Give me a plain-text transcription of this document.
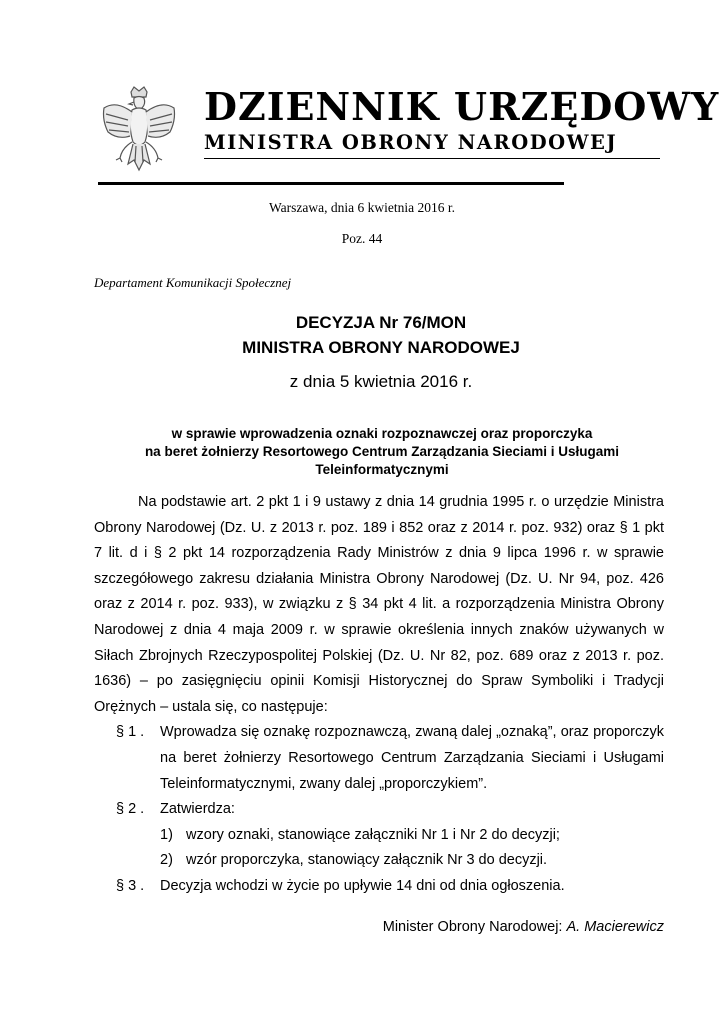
DZIENNIK URZĘDOWY
MINISTRA OBRONY NARODOWEJ
Warszawa, dnia 6 kwietnia 2016 r.
Poz. 44
Departament Komunikacji Społecznej
DECYZJA Nr 76/MON
MINISTRA OBRONY NARODOWEJ
z dnia 5 kwietnia 2016 r.
w sprawie wprowadzenia oznaki rozpoznawczej oraz proporczyka
na beret żołnierzy Resortowego Centrum Zarządzania Sieciami i Usługami
Teleinformatycznymi

Na podstawie art. 2 pkt 1 i 9 ustawy z dnia 14 grudnia 1995 r. o urzędzie Ministra Obrony Narodowej (Dz. U. z 2013 r. poz. 189 i 852 oraz z 2014 r. poz. 932) oraz § 1 pkt 7 lit. d i § 2 pkt 14 rozporządzenia Rady Ministrów z dnia 9 lipca 1996 r. w sprawie szczegółowego zakresu działania Ministra Obrony Narodowej (Dz. U. Nr 94, poz. 426 oraz z 2014 r. poz. 933), w związku z § 34 pkt 4 lit. a rozporządzenia Ministra Obrony Narodowej z dnia 4 maja 2009 r. w sprawie określenia innych znaków używanych w Siłach Zbrojnych Rzeczypospolitej Polskiej (Dz. U. Nr 82, poz. 689 oraz z 2013 r. poz. 1636) – po zasięgnięciu opinii Komisji Historycznej do Spraw Symboliki i Tradycji Orężnych – ustala się, co następuje:

§ 1 .	Wprowadza się oznakę rozpoznawczą, zwaną dalej „oznaką”, oraz proporczyk na beret żołnierzy Resortowego Centrum Zarządzania Sieciami i Usługami Teleinformatycznymi, zwany dalej „proporczykiem”.
§ 2 .	Zatwierdza:
1) wzory oznaki, stanowiące załączniki Nr 1 i Nr 2 do decyzji;
2) wzór proporczyka, stanowiący załącznik Nr 3 do decyzji.
§ 3 .	Decyzja wchodzi w życie po upływie 14 dni od dnia ogłoszenia.
Minister Obrony Narodowej: A. Macierewicz
